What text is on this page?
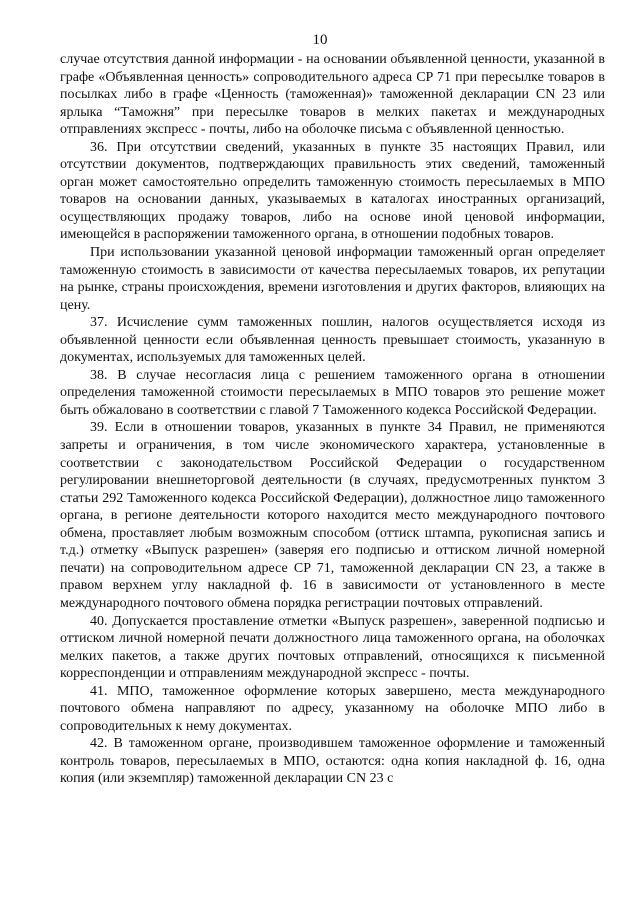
10

случае отсутствия данной информации - на основании объявленной ценности, указанной в графе «Объявленная ценность» сопроводительного адреса CP 71 при пересылке товаров в посылках либо в графе «Ценность (таможенная)» таможенной декларации CN 23 или ярлыка “Таможня” при пересылке товаров в мелких пакетах и международных отправлениях экспресс - почты, либо на оболочке письма с объявленной ценностью.

36. При отсутствии сведений, указанных в пункте 35 настоящих Правил, или отсутствии документов, подтверждающих правильность этих сведений, таможенный орган может самостоятельно определить таможенную стоимость пересылаемых в МПО товаров на основании данных, указываемых в каталогах иностранных организаций, осуществляющих продажу товаров, либо на основе иной ценовой информации, имеющейся в распоряжении таможенного органа, в отношении подобных товаров.

При использовании указанной ценовой информации таможенный орган определяет таможенную стоимость в зависимости от качества пересылаемых товаров, их репутации на рынке, страны происхождения, времени изготовления и других факторов, влияющих на цену.

37. Исчисление сумм таможенных пошлин, налогов осуществляется исходя из объявленной ценности если объявленная ценность превышает стоимость, указанную в документах, используемых для таможенных целей.

38. В случае несогласия лица с решением таможенного органа в отношении определения таможенной стоимости пересылаемых в МПО товаров это решение может быть обжаловано в соответствии с главой 7 Таможенного кодекса Российской Федерации.

39. Если в отношении товаров, указанных в пункте 34 Правил, не применяются запреты и ограничения, в том числе экономического характера, установленные в соответствии с законодательством Российской Федерации о государственном регулировании внешнеторговой деятельности (в случаях, предусмотренных пунктом 3 статьи 292 Таможенного кодекса Российской Федерации), должностное лицо таможенного органа, в регионе деятельности которого находится место международного почтового обмена, проставляет любым возможным способом (оттиск штампа, рукописная запись и т.д.) отметку «Выпуск разрешен» (заверяя его подписью и оттиском личной номерной печати) на сопроводительном адресе CP 71, таможенной декларации CN 23, а также в правом верхнем углу накладной ф. 16 в зависимости от установленного в месте международного почтового обмена порядка регистрации почтовых отправлений.

40. Допускается проставление отметки «Выпуск разрешен», заверенной подписью и оттиском личной номерной печати должностного лица таможенного органа, на оболочках мелких пакетов, а также других почтовых отправлений, относящихся к письменной корреспонденции и отправлениям международной экспресс - почты.

41. МПО, таможенное оформление которых завершено, места международного почтового обмена направляют по адресу, указанному на оболочке МПО либо в сопроводительных к нему документах.

42. В таможенном органе, производившем таможенное оформление и таможенный контроль товаров, пересылаемых в МПО, остаются: одна копия накладной ф. 16, одна копия (или экземпляр) таможенной декларации CN 23 с
